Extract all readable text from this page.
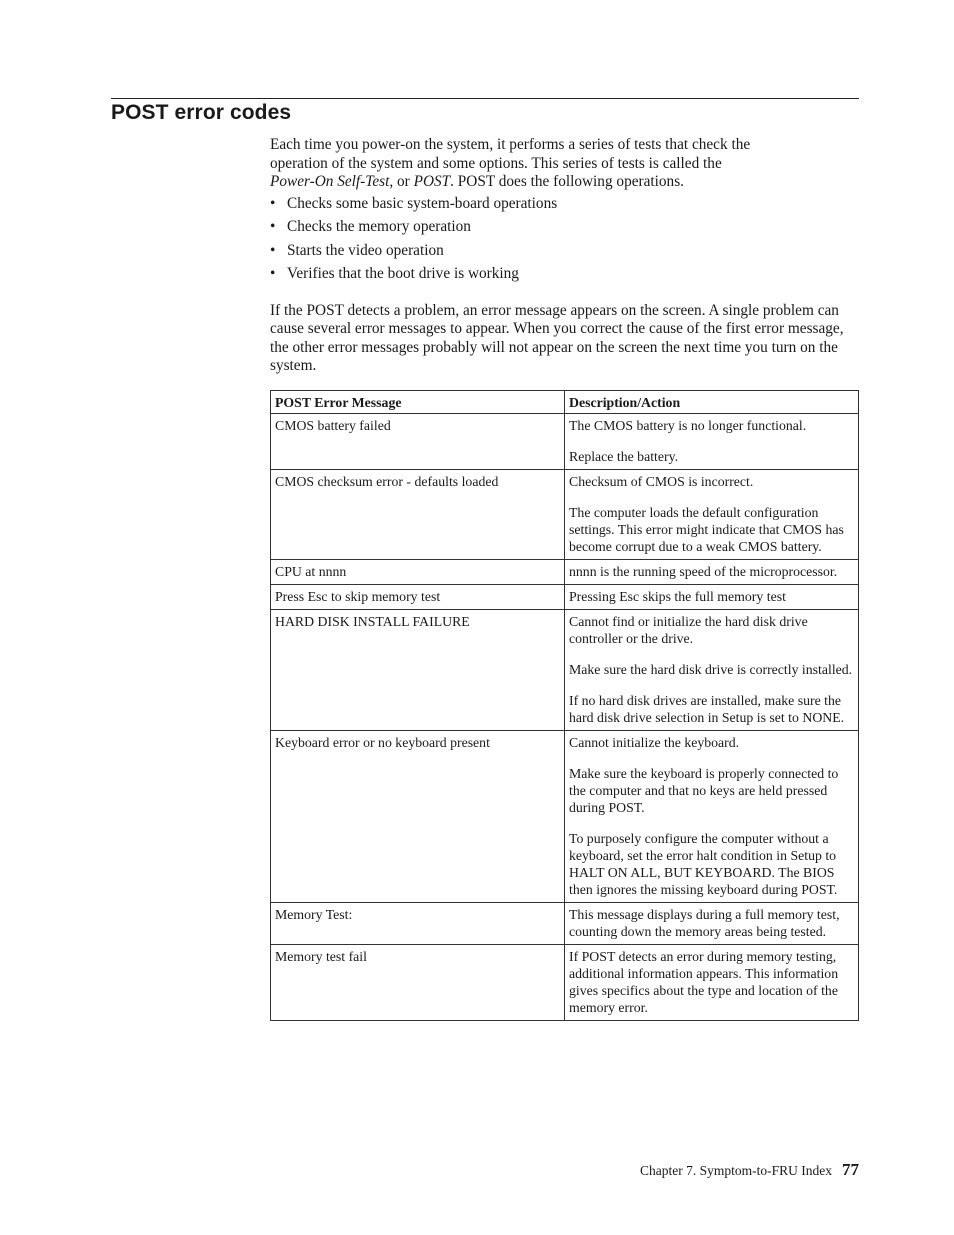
POST error codes

Each time you power-on the system, it performs a series of tests that check the
operation of the system and some options. This series of tests is called the
Power-On Self-Test, or POST. POST does the following operations.

• Checks some basic system-board operations
• Checks the memory operation
• Starts the video operation
• Verifies that the boot drive is working

If the POST detects a problem, an error message appears on the screen. A single problem can cause several error messages to appear. When you correct the cause of the first error message, the other error messages probably will not appear on the screen the next time you turn on the system.

POST Error Message	Description/Action
CMOS battery failed	The CMOS battery is no longer functional.

Replace the battery.

CMOS checksum error - defaults loaded	Checksum of CMOS is incorrect.

The computer loads the default configuration settings. This error might indicate that CMOS has become corrupt due to a weak CMOS battery.

CPU at nnnn	nnnn is the running speed of the microprocessor.

Press Esc to skip memory test	Pressing Esc skips the full memory test

HARD DISK INSTALL FAILURE	Cannot find or initialize the hard disk drive controller or the drive.

Make sure the hard disk drive is correctly installed.

If no hard disk drives are installed, make sure the hard disk drive selection in Setup is set to NONE.

Keyboard error or no keyboard present	Cannot initialize the keyboard.

Make sure the keyboard is properly connected to the computer and that no keys are held pressed during POST.

To purposely configure the computer without a keyboard, set the error halt condition in Setup to HALT ON ALL, BUT KEYBOARD. The BIOS then ignores the missing keyboard during POST.

Memory Test:	This message displays during a full memory test, counting down the memory areas being tested.

Memory test fail	If POST detects an error during memory testing, additional information appears. This information gives specifics about the type and location of the memory error.

Chapter 7. Symptom-to-FRU Index 77
